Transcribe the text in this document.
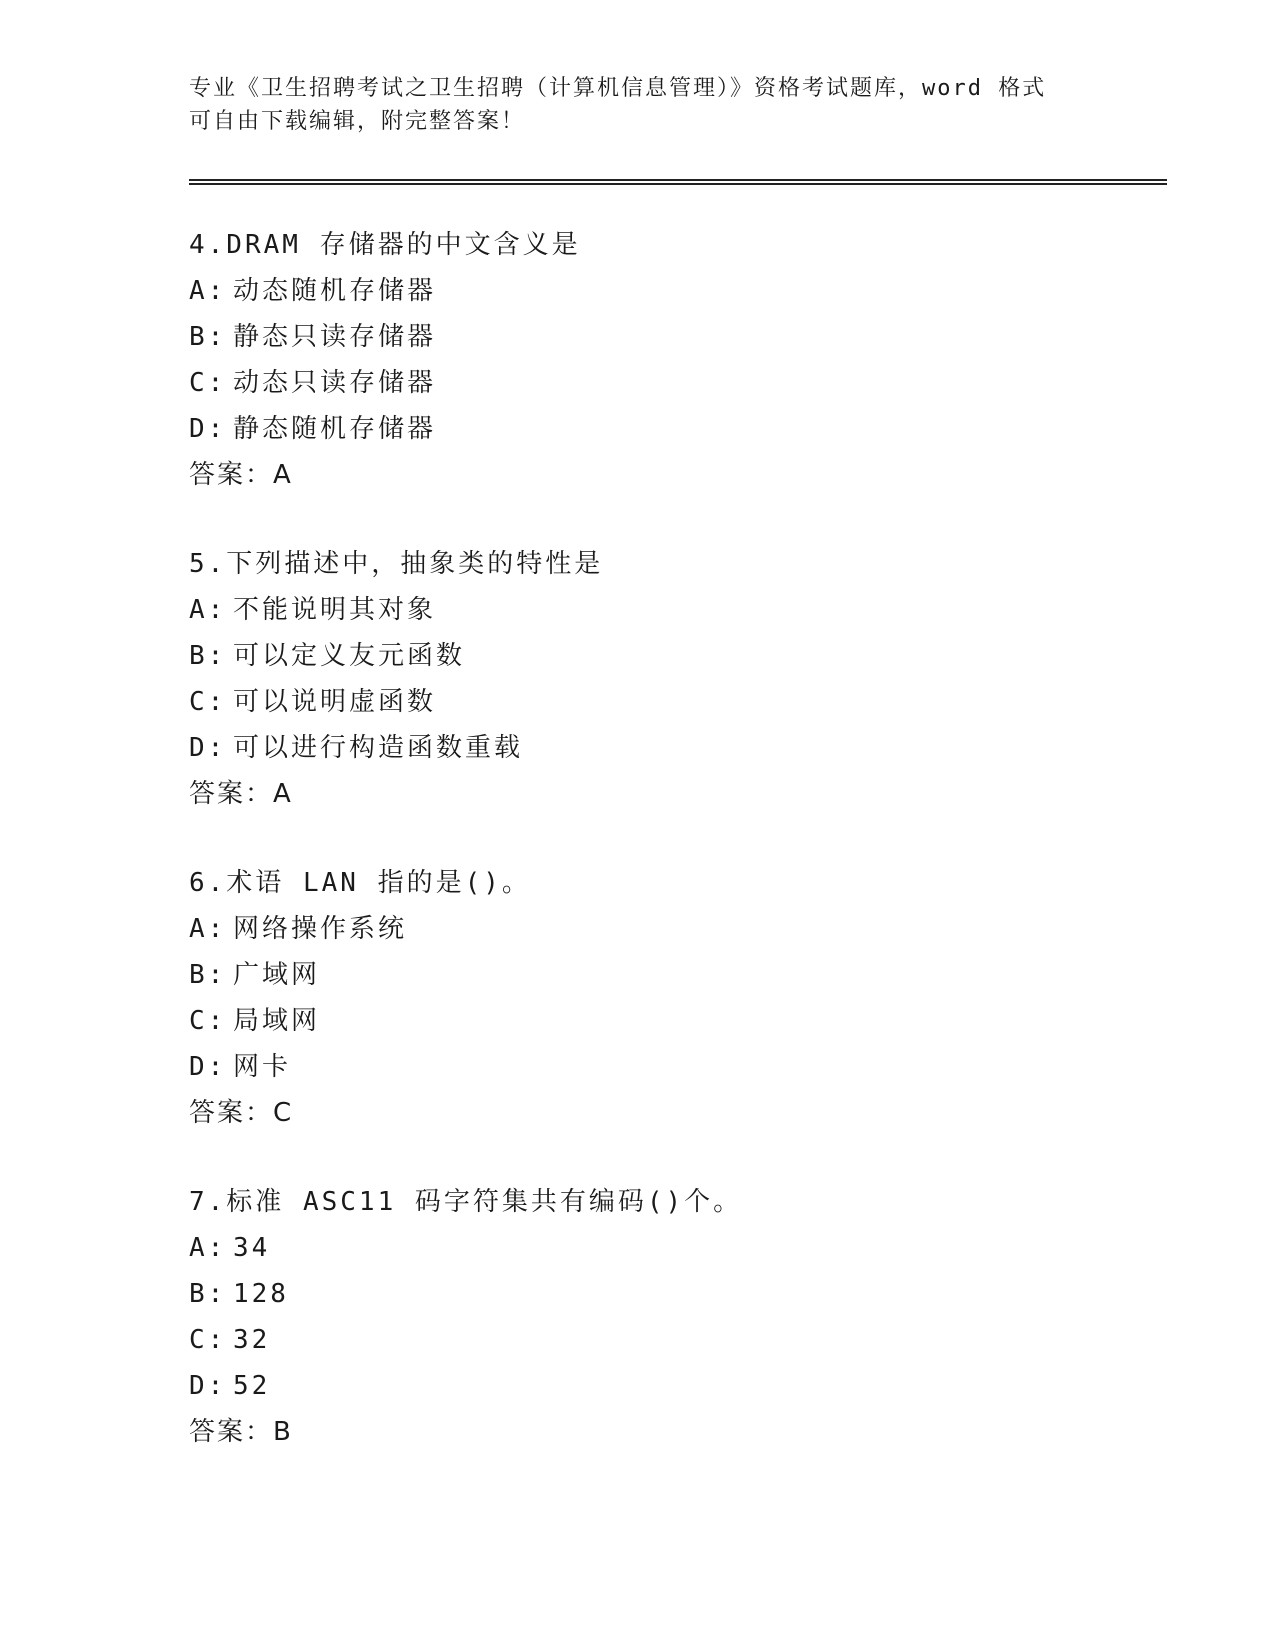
专业《卫生招聘考试之卫生招聘（计算机信息管理）》资格考试题库，word 格式
可自由下载编辑，附完整答案！
4.DRAM 存储器的中文含义是
A: 动态随机存储器
B: 静态只读存储器
C: 动态只读存储器
D: 静态随机存储器
答案：A
5.下列描述中，抽象类的特性是
A: 不能说明其对象
B: 可以定义友元函数
C: 可以说明虚函数
D: 可以进行构造函数重载
答案：A
6.术语 LAN 指的是()。
A: 网络操作系统
B: 广域网
C: 局域网
D: 网卡
答案：C
7.标准 ASC11 码字符集共有编码()个。
A: 34
B: 128
C: 32
D: 52
答案：B
